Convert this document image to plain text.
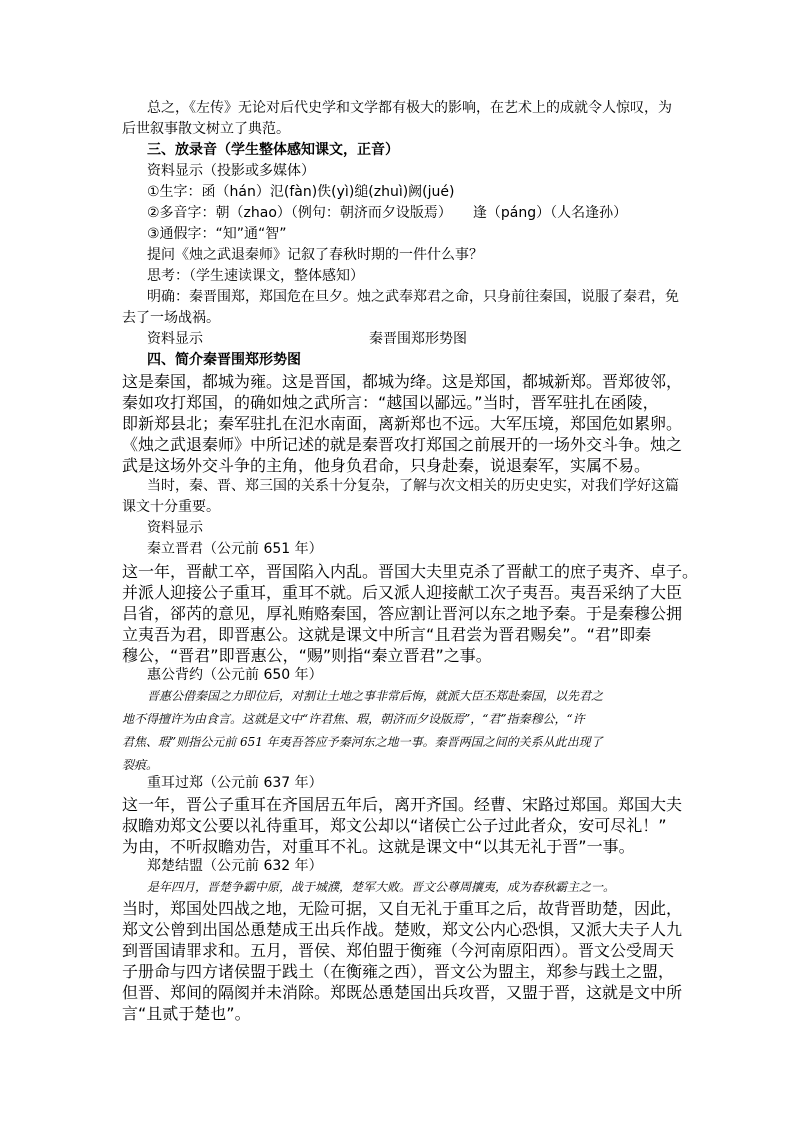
总之，《左传》无论对后代史学和文学都有极大的影响，在艺术上的成就令人惊叹，为
后世叙事散文树立了典范。
三、放录音（学生整体感知课文，正音）
资料显示（投影或多媒体）
①生字：函（hán）氾(fàn)佚(yì)缒(zhuì)阙(jué)
②多音字：朝（zhao）（例句：朝济而夕设版焉）　　逢（páng）（人名逢孙）
③通假字：“知”通“智”
提问《烛之武退秦师》记叙了春秋时期的一件什么事？
思考：（学生速读课文，整体感知）
明确：秦晋围郑，郑国危在旦夕。烛之武奉郑君之命，只身前往秦国，说服了秦君，免
去了一场战祸。
资料显示	秦晋围郑形势图
四、简介秦晋围郑形势图
这是秦国，都城为雍。这是晋国，都城为绛。这是郑国，都城新郑。晋郑彼邻，
秦如攻打郑国，的确如烛之武所言：“越国以鄙远。”当时，晋军驻扎在函陵，
即新郑县北；秦军驻扎在氾水南面，离新郑也不远。大军压境，郑国危如累卵。
《烛之武退秦师》中所记述的就是秦晋攻打郑国之前展开的一场外交斗争。烛之
武是这场外交斗争的主角，他身负君命，只身赴秦，说退秦军，实属不易。
当时，秦、晋、郑三国的关系十分复杂，了解与次文相关的历史史实，对我们学好这篇
课文十分重要。
资料显示
秦立晋君（公元前 651 年）
这一年，晋献工卒，晋国陷入内乱。晋国大夫里克杀了晋献工的庶子夷齐、卓子。
并派人迎接公子重耳，重耳不就。后又派人迎接献工次子夷吾。夷吾采纳了大臣
吕省，郤芮的意见，厚礼贿赂秦国，答应割让晋河以东之地予秦。于是秦穆公拥
立夷吾为君，即晋惠公。这就是课文中所言“且君尝为晋君赐矣”。“君”即秦
穆公，“晋君”即晋惠公，“赐”则指“秦立晋君”之事。
惠公背约（公元前 650 年）
晋惠公借秦国之力即位后，对割让土地之事非常后悔，就派大臣丕郑赴秦国，以先君之
地不得擅许为由食言。这就是文中“许君焦、瑕，朝济而夕设版焉”，“君”指秦穆公，“许
君焦、瑕”则指公元前 651 年夷吾答应予秦河东之地一事。秦晋两国之间的关系从此出现了
裂痕。
重耳过郑（公元前 637 年）
这一年，晋公子重耳在齐国居五年后，离开齐国。经曹、宋路过郑国。郑国大夫
叔瞻劝郑文公要以礼待重耳，郑文公却以“诸侯亡公子过此者众，安可尽礼！”
为由，不听叔瞻劝告，对重耳不礼。这就是课文中“以其无礼于晋”一事。
郑楚结盟（公元前 632 年）
是年四月，晋楚争霸中原，战于城濮，楚军大败。晋文公尊周攘夷，成为春秋霸主之一。
当时，郑国处四战之地，无险可据，又自无礼于重耳之后，故背晋助楚，因此，
郑文公曾到出国怂恿楚成王出兵作战。楚败，郑文公内心恐惧，又派大夫子人九
到晋国请罪求和。五月，晋侯、郑伯盟于衡雍（今河南原阳西）。晋文公受周天
子册命与四方诸侯盟于践土（在衡雍之西），晋文公为盟主，郑参与践土之盟，
但晋、郑间的隔阂并未消除。郑既怂恿楚国出兵攻晋，又盟于晋，这就是文中所
言“且贰于楚也”。
